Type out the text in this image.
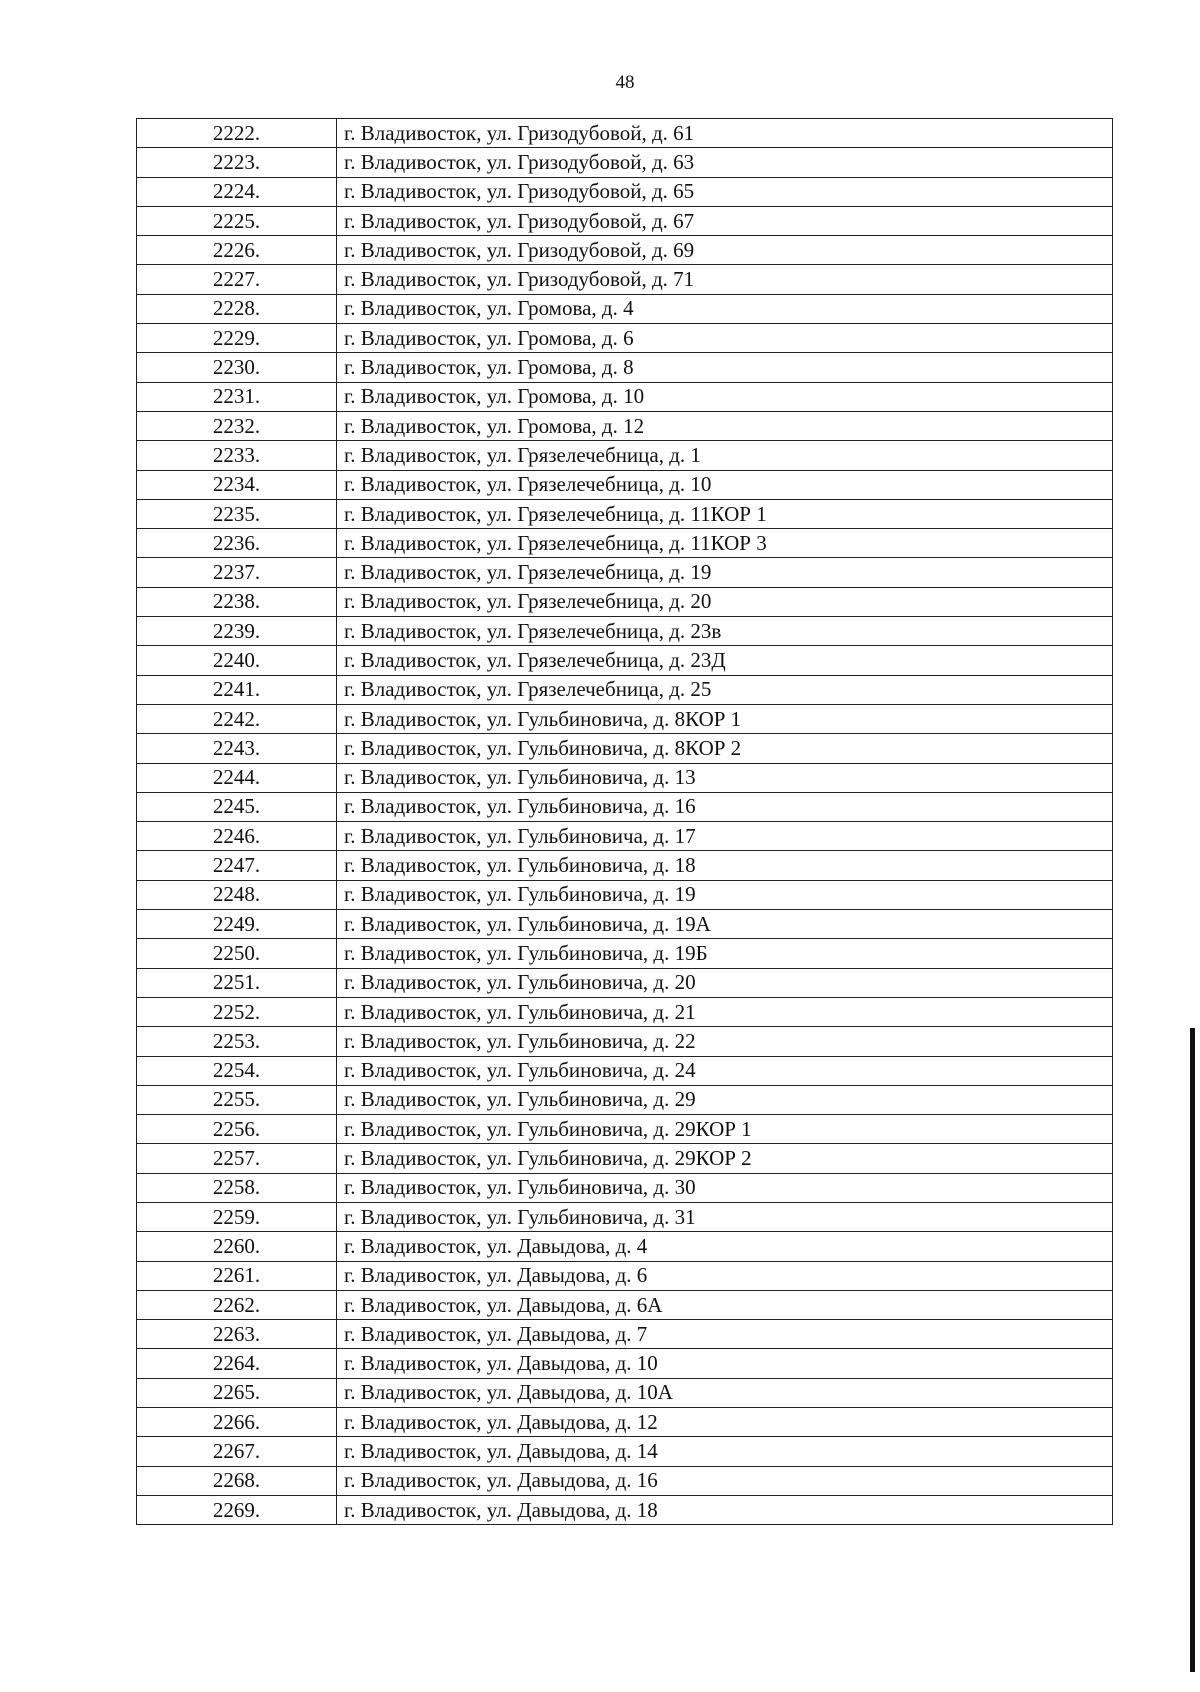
48
2222.	г. Владивосток, ул. Гризодубовой, д. 61
2223.	г. Владивосток, ул. Гризодубовой, д. 63
2224.	г. Владивосток, ул. Гризодубовой, д. 65
2225.	г. Владивосток, ул. Гризодубовой, д. 67
2226.	г. Владивосток, ул. Гризодубовой, д. 69
2227.	г. Владивосток, ул. Гризодубовой, д. 71
2228.	г. Владивосток, ул. Громова, д. 4
2229.	г. Владивосток, ул. Громова, д. 6
2230.	г. Владивосток, ул. Громова, д. 8
2231.	г. Владивосток, ул. Громова, д. 10
2232.	г. Владивосток, ул. Громова, д. 12
2233.	г. Владивосток, ул. Грязелечебница, д. 1
2234.	г. Владивосток, ул. Грязелечебница, д. 10
2235.	г. Владивосток, ул. Грязелечебница, д. 11КОР 1
2236.	г. Владивосток, ул. Грязелечебница, д. 11КОР 3
2237.	г. Владивосток, ул. Грязелечебница, д. 19
2238.	г. Владивосток, ул. Грязелечебница, д. 20
2239.	г. Владивосток, ул. Грязелечебница, д. 23в
2240.	г. Владивосток, ул. Грязелечебница, д. 23Д
2241.	г. Владивосток, ул. Грязелечебница, д. 25
2242.	г. Владивосток, ул. Гульбиновича, д. 8КОР 1
2243.	г. Владивосток, ул. Гульбиновича, д. 8КОР 2
2244.	г. Владивосток, ул. Гульбиновича, д. 13
2245.	г. Владивосток, ул. Гульбиновича, д. 16
2246.	г. Владивосток, ул. Гульбиновича, д. 17
2247.	г. Владивосток, ул. Гульбиновича, д. 18
2248.	г. Владивосток, ул. Гульбиновича, д. 19
2249.	г. Владивосток, ул. Гульбиновича, д. 19А
2250.	г. Владивосток, ул. Гульбиновича, д. 19Б
2251.	г. Владивосток, ул. Гульбиновича, д. 20
2252.	г. Владивосток, ул. Гульбиновича, д. 21
2253.	г. Владивосток, ул. Гульбиновича, д. 22
2254.	г. Владивосток, ул. Гульбиновича, д. 24
2255.	г. Владивосток, ул. Гульбиновича, д. 29
2256.	г. Владивосток, ул. Гульбиновича, д. 29КОР 1
2257.	г. Владивосток, ул. Гульбиновича, д. 29КОР 2
2258.	г. Владивосток, ул. Гульбиновича, д. 30
2259.	г. Владивосток, ул. Гульбиновича, д. 31
2260.	г. Владивосток, ул. Давыдова, д. 4
2261.	г. Владивосток, ул. Давыдова, д. 6
2262.	г. Владивосток, ул. Давыдова, д. 6А
2263.	г. Владивосток, ул. Давыдова, д. 7
2264.	г. Владивосток, ул. Давыдова, д. 10
2265.	г. Владивосток, ул. Давыдова, д. 10А
2266.	г. Владивосток, ул. Давыдова, д. 12
2267.	г. Владивосток, ул. Давыдова, д. 14
2268.	г. Владивосток, ул. Давыдова, д. 16
2269.	г. Владивосток, ул. Давыдова, д. 18
